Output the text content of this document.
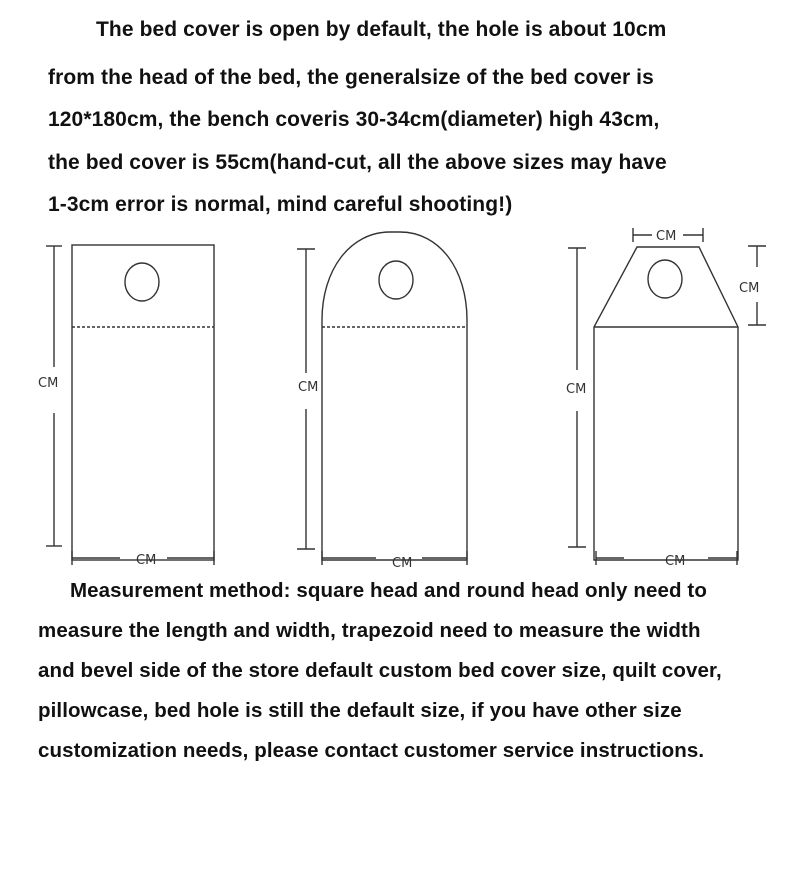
The bed cover is open by default, the hole is about 10cm
from the head of the bed, the generalsize of the bed cover is
120*180cm, the bench coveris 30-34cm(diameter) high 43cm,
the bed cover is 55cm(hand-cut, all the above sizes may have
1-3cm error is normal, mind careful shooting!)
CM
CM
CM
CM
CM
CM
CM
CM
Measurement method: square head and round head only need to
measure the length and width, trapezoid need to measure the width
and bevel side of the store default custom bed cover size, quilt cover,
pillowcase, bed hole is still the default size, if you have other size
customization needs, please contact customer service instructions.
